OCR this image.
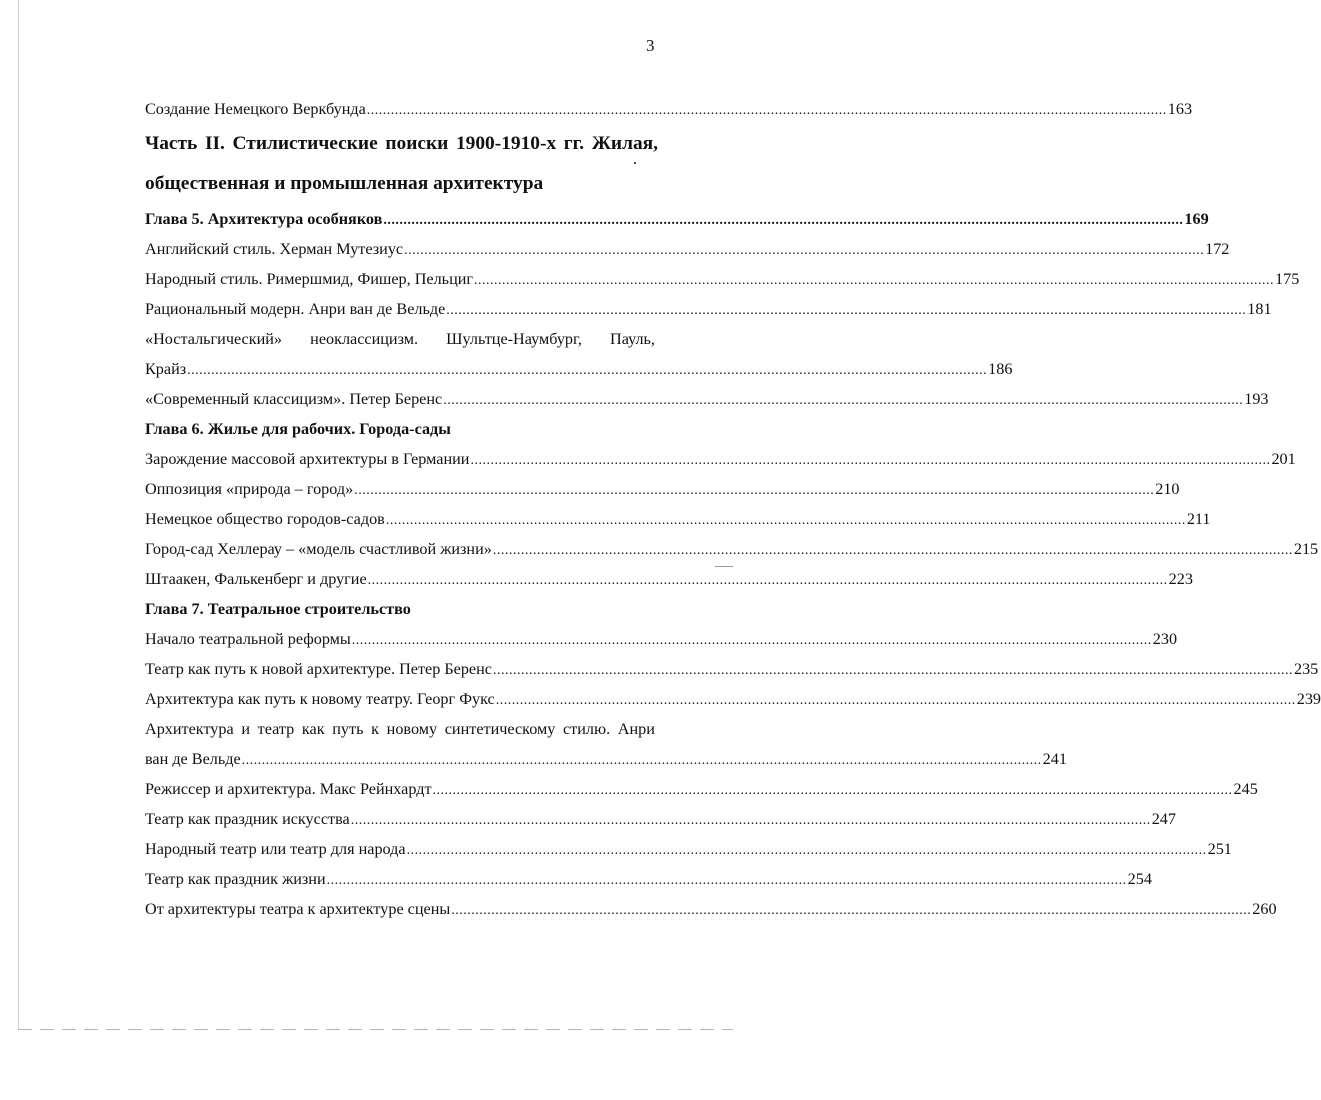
3
Создание Немецкого Веркбунда ........................................................................................................................................................................................................ 163
Часть II. Стилистические поиски 1900-1910-х гг. Жилая,
общественная и промышленная архитектура
Глава 5. Архитектура особняков ........................................................................................................................................................................................................ 169
Английский стиль. Херман Мутезиус ........................................................................................................................................................................................................ 172
Народный стиль. Римершмид, Фишер, Пельциг ........................................................................................................................................................................................................ 175
Рациональный модерн. Анри ван де Вельде ........................................................................................................................................................................................................ 181
«Ностальгический» неоклассицизм. Шультце-Наумбург, Пауль,
Крайз ........................................................................................................................................................................................................ 186
«Современный классицизм». Петер Беренс ........................................................................................................................................................................................................ 193
Глава 6. Жилье для рабочих. Города-сады
Зарождение массовой архитектуры в Германии ........................................................................................................................................................................................................ 201
Оппозиция «природа – город» ........................................................................................................................................................................................................ 210
Немецкое общество городов-садов ........................................................................................................................................................................................................ 211
Город-сад Хеллерау – «модель счастливой жизни» ........................................................................................................................................................................................................ 215
Штаакен, Фалькенберг и другие ........................................................................................................................................................................................................ 223
Глава 7. Театральное строительство
Начало театральной реформы ........................................................................................................................................................................................................ 230
Театр как путь к новой архитектуре. Петер Беренс ........................................................................................................................................................................................................ 235
Архитектура как путь к новому театру. Георг Фукс ........................................................................................................................................................................................................ 239
Архитектура и театр как путь к новому синтетическому стилю. Анри
ван де Вельде ........................................................................................................................................................................................................ 241
Режиссер и архитектура. Макс Рейнхардт ........................................................................................................................................................................................................ 245
Театр как праздник искусства ........................................................................................................................................................................................................ 247
Народный театр или театр для народа ........................................................................................................................................................................................................ 251
Театр как праздник жизни ........................................................................................................................................................................................................ 254
От архитектуры театра к архитектуре сцены ........................................................................................................................................................................................................ 260
